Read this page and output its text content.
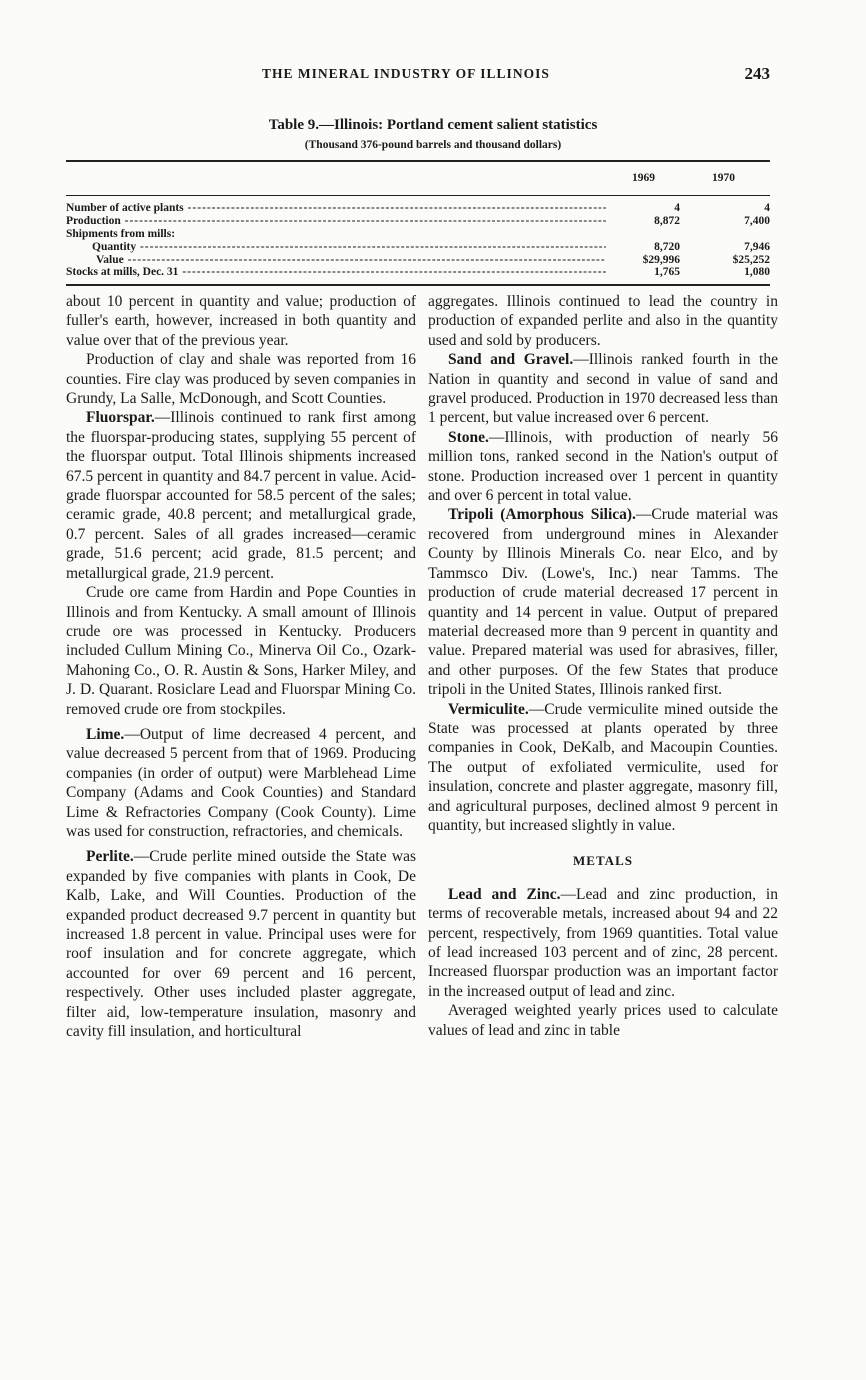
THE MINERAL INDUSTRY OF ILLINOIS	243
Table 9.—Illinois: Portland cement salient statistics
(Thousand 376-pound barrels and thousand dollars)
1969	1970
Number of active plants -----	4	4
Production -----	8,872	7,400
Shipments from mills:
Quantity -----	8,720	7,946
Value -----	$29,996	$25,252
Stocks at mills, Dec. 31 -----	1,765	1,080

about 10 percent in quantity and value; production of fuller's earth, however, increased in both quantity and value over that of the previous year.

Production of clay and shale was reported from 16 counties. Fire clay was produced by seven companies in Grundy, La Salle, McDonough, and Scott Counties.

Fluorspar.—Illinois continued to rank first among the fluorspar-producing states, supplying 55 percent of the fluorspar output. Total Illinois shipments increased 67.5 percent in quantity and 84.7 percent in value. Acid-grade fluorspar accounted for 58.5 percent of the sales; ceramic grade, 40.8 percent; and metallurgical grade, 0.7 percent. Sales of all grades increased—ceramic grade, 51.6 percent; acid grade, 81.5 percent; and metallurgical grade, 21.9 percent.

Crude ore came from Hardin and Pope Counties in Illinois and from Kentucky. A small amount of Illinois crude ore was processed in Kentucky. Producers included Cullum Mining Co., Minerva Oil Co., Ozark-Mahoning Co., O. R. Austin & Sons, Harker Miley, and J. D. Quarant. Rosiclare Lead and Fluorspar Mining Co. removed crude ore from stockpiles.

Lime.—Output of lime decreased 4 percent, and value decreased 5 percent from that of 1969. Producing companies (in order of output) were Marblehead Lime Company (Adams and Cook Counties) and Standard Lime & Refractories Company (Cook County). Lime was used for construction, refractories, and chemicals.

Perlite.—Crude perlite mined outside the State was expanded by five companies with plants in Cook, De Kalb, Lake, and Will Counties. Production of the expanded product decreased 9.7 percent in quantity but increased 1.8 percent in value. Principal uses were for roof insulation and for concrete aggregate, which accounted for over 69 percent and 16 percent, respectively. Other uses included plaster aggregate, filter aid, low-temperature insulation, masonry and cavity fill insulation, and horticultural

aggregates. Illinois continued to lead the country in production of expanded perlite and also in the quantity used and sold by producers.

Sand and Gravel.—Illinois ranked fourth in the Nation in quantity and second in value of sand and gravel produced. Production in 1970 decreased less than 1 percent, but value increased over 6 percent.

Stone.—Illinois, with production of nearly 56 million tons, ranked second in the Nation's output of stone. Production increased over 1 percent in quantity and over 6 percent in total value.

Tripoli (Amorphous Silica).—Crude material was recovered from underground mines in Alexander County by Illinois Minerals Co. near Elco, and by Tammsco Div. (Lowe's, Inc.) near Tamms. The production of crude material decreased 17 percent in quantity and 14 percent in value. Output of prepared material decreased more than 9 percent in quantity and value. Prepared material was used for abrasives, filler, and other purposes. Of the few States that produce tripoli in the United States, Illinois ranked first.

Vermiculite.—Crude vermiculite mined outside the State was processed at plants operated by three companies in Cook, DeKalb, and Macoupin Counties. The output of exfoliated vermiculite, used for insulation, concrete and plaster aggregate, masonry fill, and agricultural purposes, declined almost 9 percent in quantity, but increased slightly in value.

METALS

Lead and Zinc.—Lead and zinc production, in terms of recoverable metals, increased about 94 and 22 percent, respectively, from 1969 quantities. Total value of lead increased 103 percent and of zinc, 28 percent. Increased fluorspar production was an important factor in the increased output of lead and zinc.

Averaged weighted yearly prices used to calculate values of lead and zinc in table
